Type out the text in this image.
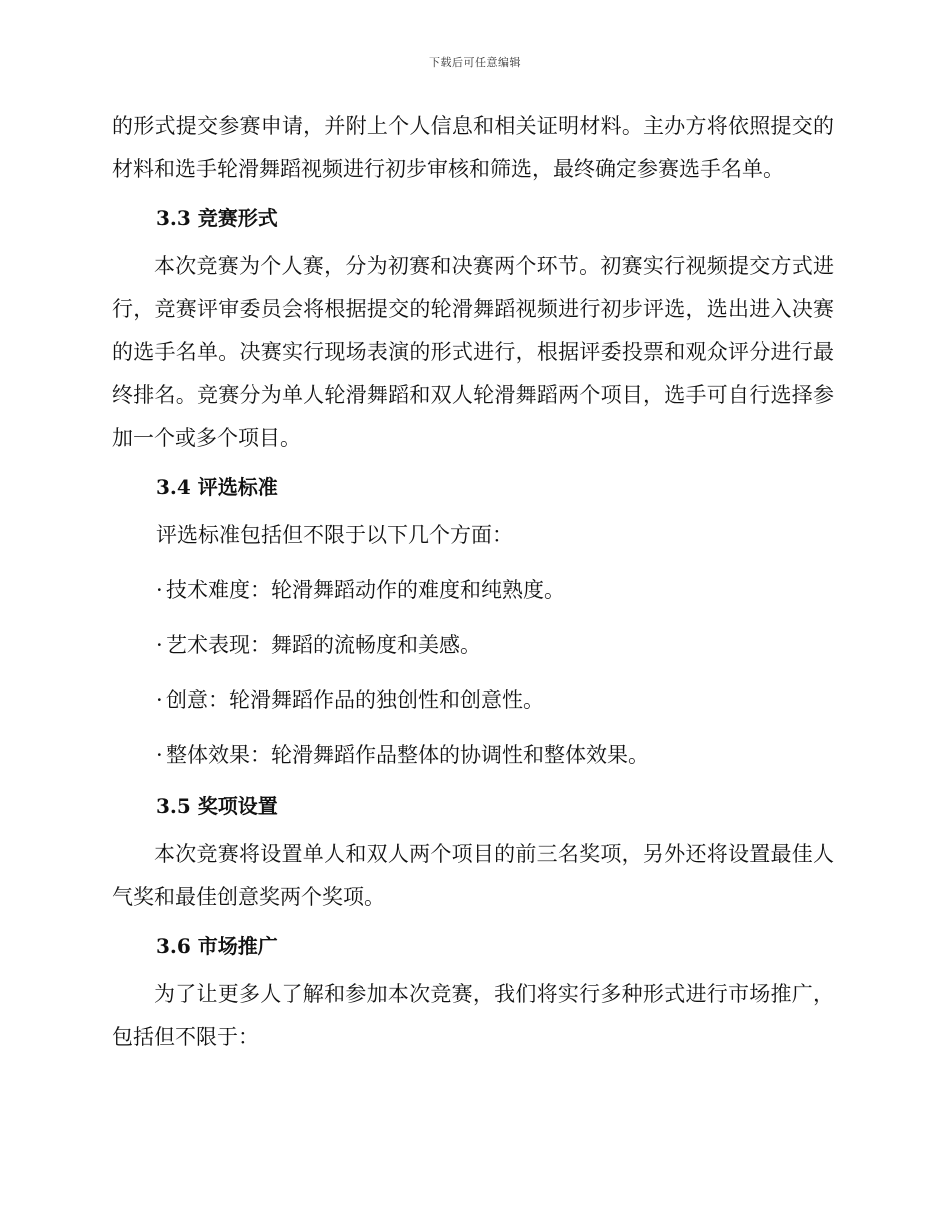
下载后可任意编辑

的形式提交参赛申请，并附上个人信息和相关证明材料。主办方将依照提交的材料和选手轮滑舞蹈视频进行初步审核和筛选，最终确定参赛选手名单。

3.3 竞赛形式

本次竞赛为个人赛，分为初赛和决赛两个环节。初赛实行视频提交方式进行，竞赛评审委员会将根据提交的轮滑舞蹈视频进行初步评选，选出进入决赛的选手名单。决赛实行现场表演的形式进行，根据评委投票和观众评分进行最终排名。竞赛分为单人轮滑舞蹈和双人轮滑舞蹈两个项目，选手可自行选择参加一个或多个项目。

3.4 评选标准
评选标准包括但不限于以下几个方面：
· 技术难度：轮滑舞蹈动作的难度和纯熟度。
· 艺术表现：舞蹈的流畅度和美感。
· 创意：轮滑舞蹈作品的独创性和创意性。
· 整体效果：轮滑舞蹈作品整体的协调性和整体效果。
3.5 奖项设置

本次竞赛将设置单人和双人两个项目的前三名奖项，另外还将设置最佳人气奖和最佳创意奖两个奖项。

3.6 市场推广

为了让更多人了解和参加本次竞赛，我们将实行多种形式进行市场推广，包括但不限于：
